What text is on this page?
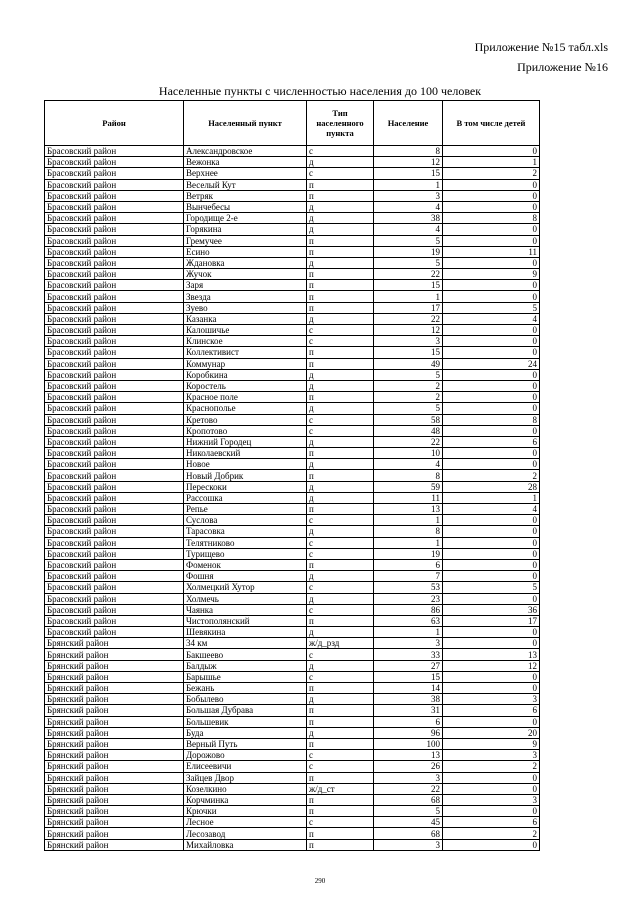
Приложение №15 табл.xls
Приложение №16
Населенные пункты с численностью населения до 100 человек
Район	Населенный пункт	Тип населенного пункта	Население	В том числе детей
Брасовский район	Александровское	с	8	0
Брасовский район	Вежонка	д	12	1
Брасовский район	Верхнее	с	15	2
Брасовский район	Веселый Кут	п	1	0
Брасовский район	Ветряк	п	3	0
Брасовский район	Вынчебесы	д	4	0
Брасовский район	Городище 2-е	д	38	8
Брасовский район	Горякина	д	4	0
Брасовский район	Гремучее	п	5	0
Брасовский район	Есино	п	19	11
Брасовский район	Ждановка	д	5	0
Брасовский район	Жучок	п	22	9
Брасовский район	Заря	п	15	0
Брасовский район	Звезда	п	1	0
Брасовский район	Зуево	п	17	5
Брасовский район	Казанка	д	22	4
Брасовский район	Калошичье	с	12	0
Брасовский район	Клинское	с	3	0
Брасовский район	Коллективист	п	15	0
Брасовский район	Коммунар	п	49	24
Брасовский район	Коробкина	д	5	0
Брасовский район	Коростель	д	2	0
Брасовский район	Красное поле	п	2	0
Брасовский район	Краснополье	д	5	0
Брасовский район	Кретово	с	58	8
Брасовский район	Кропотово	с	48	0
Брасовский район	Нижний Городец	д	22	6
Брасовский район	Николаевский	п	10	0
Брасовский район	Новое	д	4	0
Брасовский район	Новый Добрик	п	8	2
Брасовский район	Перескоки	д	59	28
Брасовский район	Рассошка	д	11	1
Брасовский район	Репье	п	13	4
Брасовский район	Суслова	с	1	0
Брасовский район	Тарасовка	д	8	0
Брасовский район	Телятниково	с	1	0
Брасовский район	Турищево	с	19	0
Брасовский район	Фоменок	п	6	0
Брасовский район	Фошня	д	7	0
Брасовский район	Холмецкий Хутор	с	53	5
Брасовский район	Холмечь	д	23	0
Брасовский район	Чаянка	с	86	36
Брасовский район	Чистополянский	п	63	17
Брасовский район	Шевякина	д	1	0
Брянский район	34 км	ж/д_рзд	3	0
Брянский район	Бакшеево	с	33	13
Брянский район	Балдыж	д	27	12
Брянский район	Барышье	с	15	0
Брянский район	Бежань	п	14	0
Брянский район	Бобылево	д	38	3
Брянский район	Большая Дубрава	п	31	6
Брянский район	Большевик	п	6	0
Брянский район	Буда	д	96	20
Брянский район	Верный Путь	п	100	9
Брянский район	Дорожово	с	13	3
Брянский район	Елисеевичи	с	26	2
Брянский район	Зайцев Двор	п	3	0
Брянский район	Козелкино	ж/д_ст	22	0
Брянский район	Корчминка	п	68	3
Брянский район	Крючки	п	5	0
Брянский район	Лесное	с	45	6
Брянский район	Лесозавод	п	68	2
Брянский район	Михайловка	п	3	0
290
